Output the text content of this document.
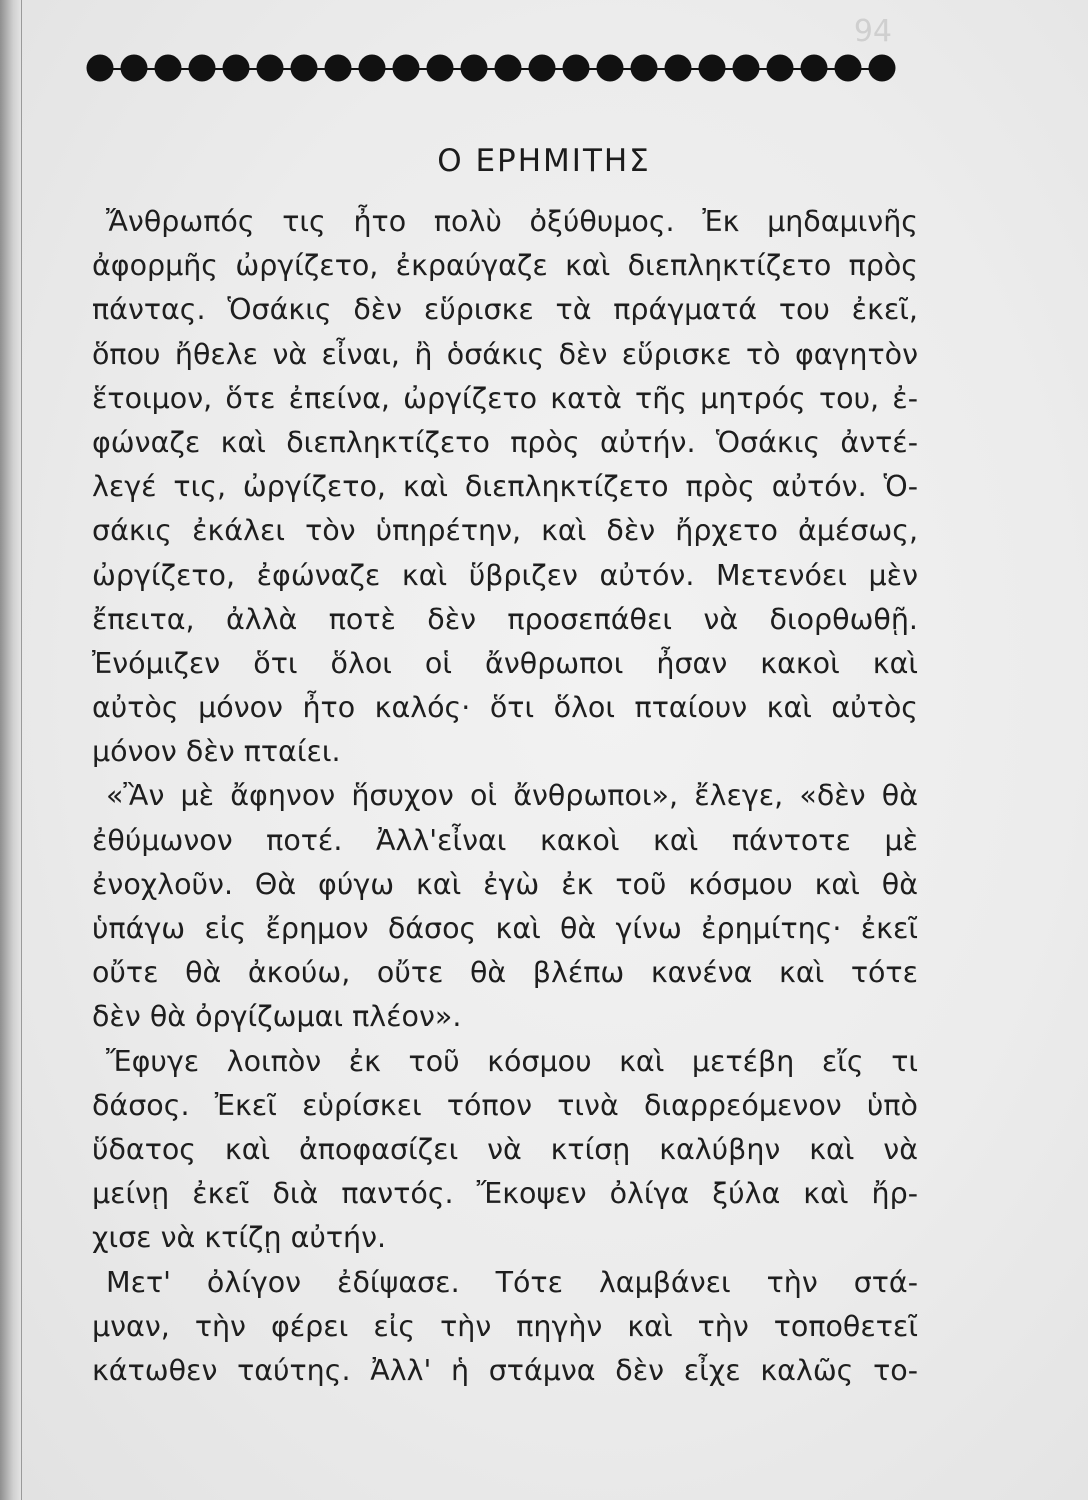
94
Ο ΕΡΗΜΙΤΗΣ
Ἄνθρωπός τις ἦτο πολὺ ὀξύθυμος. Ἐκ μηδαμινῆς
ἀφορμῆς ὠργίζετο, ἐκραύγαζε καὶ διεπληκτίζετο πρὸς
πάντας. Ὁσάκις δὲν εὕρισκε τὰ πράγματά του ἐκεῖ,
ὅπου ἤθελε νὰ εἶναι, ἢ ὁσάκις δὲν εὕρισκε τὸ φαγητὸν
ἕτοιμον, ὅτε ἐπείνα, ὠργίζετο κατὰ τῆς μητρός του, ἐ-
φώναζε καὶ διεπληκτίζετο πρὸς αὐτήν. Ὁσάκις ἀντέ-
λεγέ τις, ὠργίζετο, καὶ διεπληκτίζετο πρὸς αὐτόν. Ὁ-
σάκις ἐκάλει τὸν ὑπηρέτην, καὶ δὲν ἤρχετο ἀμέσως,
ὠργίζετο, ἐφώναζε καὶ ὕβριζεν αὐτόν. Μετενόει μὲν
ἔπειτα, ἀλλὰ ποτὲ δὲν προσεπάθει νὰ διορθωθῇ.
Ἐνόμιζεν ὅτι ὅλοι οἱ ἄνθρωποι ἦσαν κακοὶ καὶ
αὐτὸς μόνον ἦτο καλός· ὅτι ὅλοι πταίουν καὶ αὐτὸς
μόνον δὲν πταίει.
«Ἂν μὲ ἄφηνον ἥσυχον οἱ ἄνθρωποι», ἔλεγε, «δὲν θὰ
ἐθύμωνον ποτέ. Ἀλλ'εἶναι κακοὶ καὶ πάντοτε μὲ
ἐνοχλοῦν. Θὰ φύγω καὶ ἐγὼ ἐκ τοῦ κόσμου καὶ θὰ
ὑπάγω εἰς ἔρημον δάσος καὶ θὰ γίνω ἐρημίτης· ἐκεῖ
οὔτε θὰ ἀκούω, οὔτε θὰ βλέπω κανένα καὶ τότε
δὲν θὰ ὀργίζωμαι πλέον».
Ἔφυγε λοιπὸν ἐκ τοῦ κόσμου καὶ μετέβη εἴς τι
δάσος. Ἐκεῖ εὑρίσκει τόπον τινὰ διαρρεόμενον ὑπὸ
ὕδατος καὶ ἀποφασίζει νὰ κτίσῃ καλύβην καὶ νὰ
μείνῃ ἐκεῖ διὰ παντός. Ἔκοψεν ὀλίγα ξύλα καὶ ἤρ-
χισε νὰ κτίζῃ αὐτήν.
Μετ' ὀλίγον ἐδίψασε. Τότε λαμβάνει τὴν στά-
μναν, τὴν φέρει εἰς τὴν πηγὴν καὶ τὴν τοποθετεῖ
κάτωθεν ταύτης. Ἀλλ' ἡ στάμνα δὲν εἶχε καλῶς το-
